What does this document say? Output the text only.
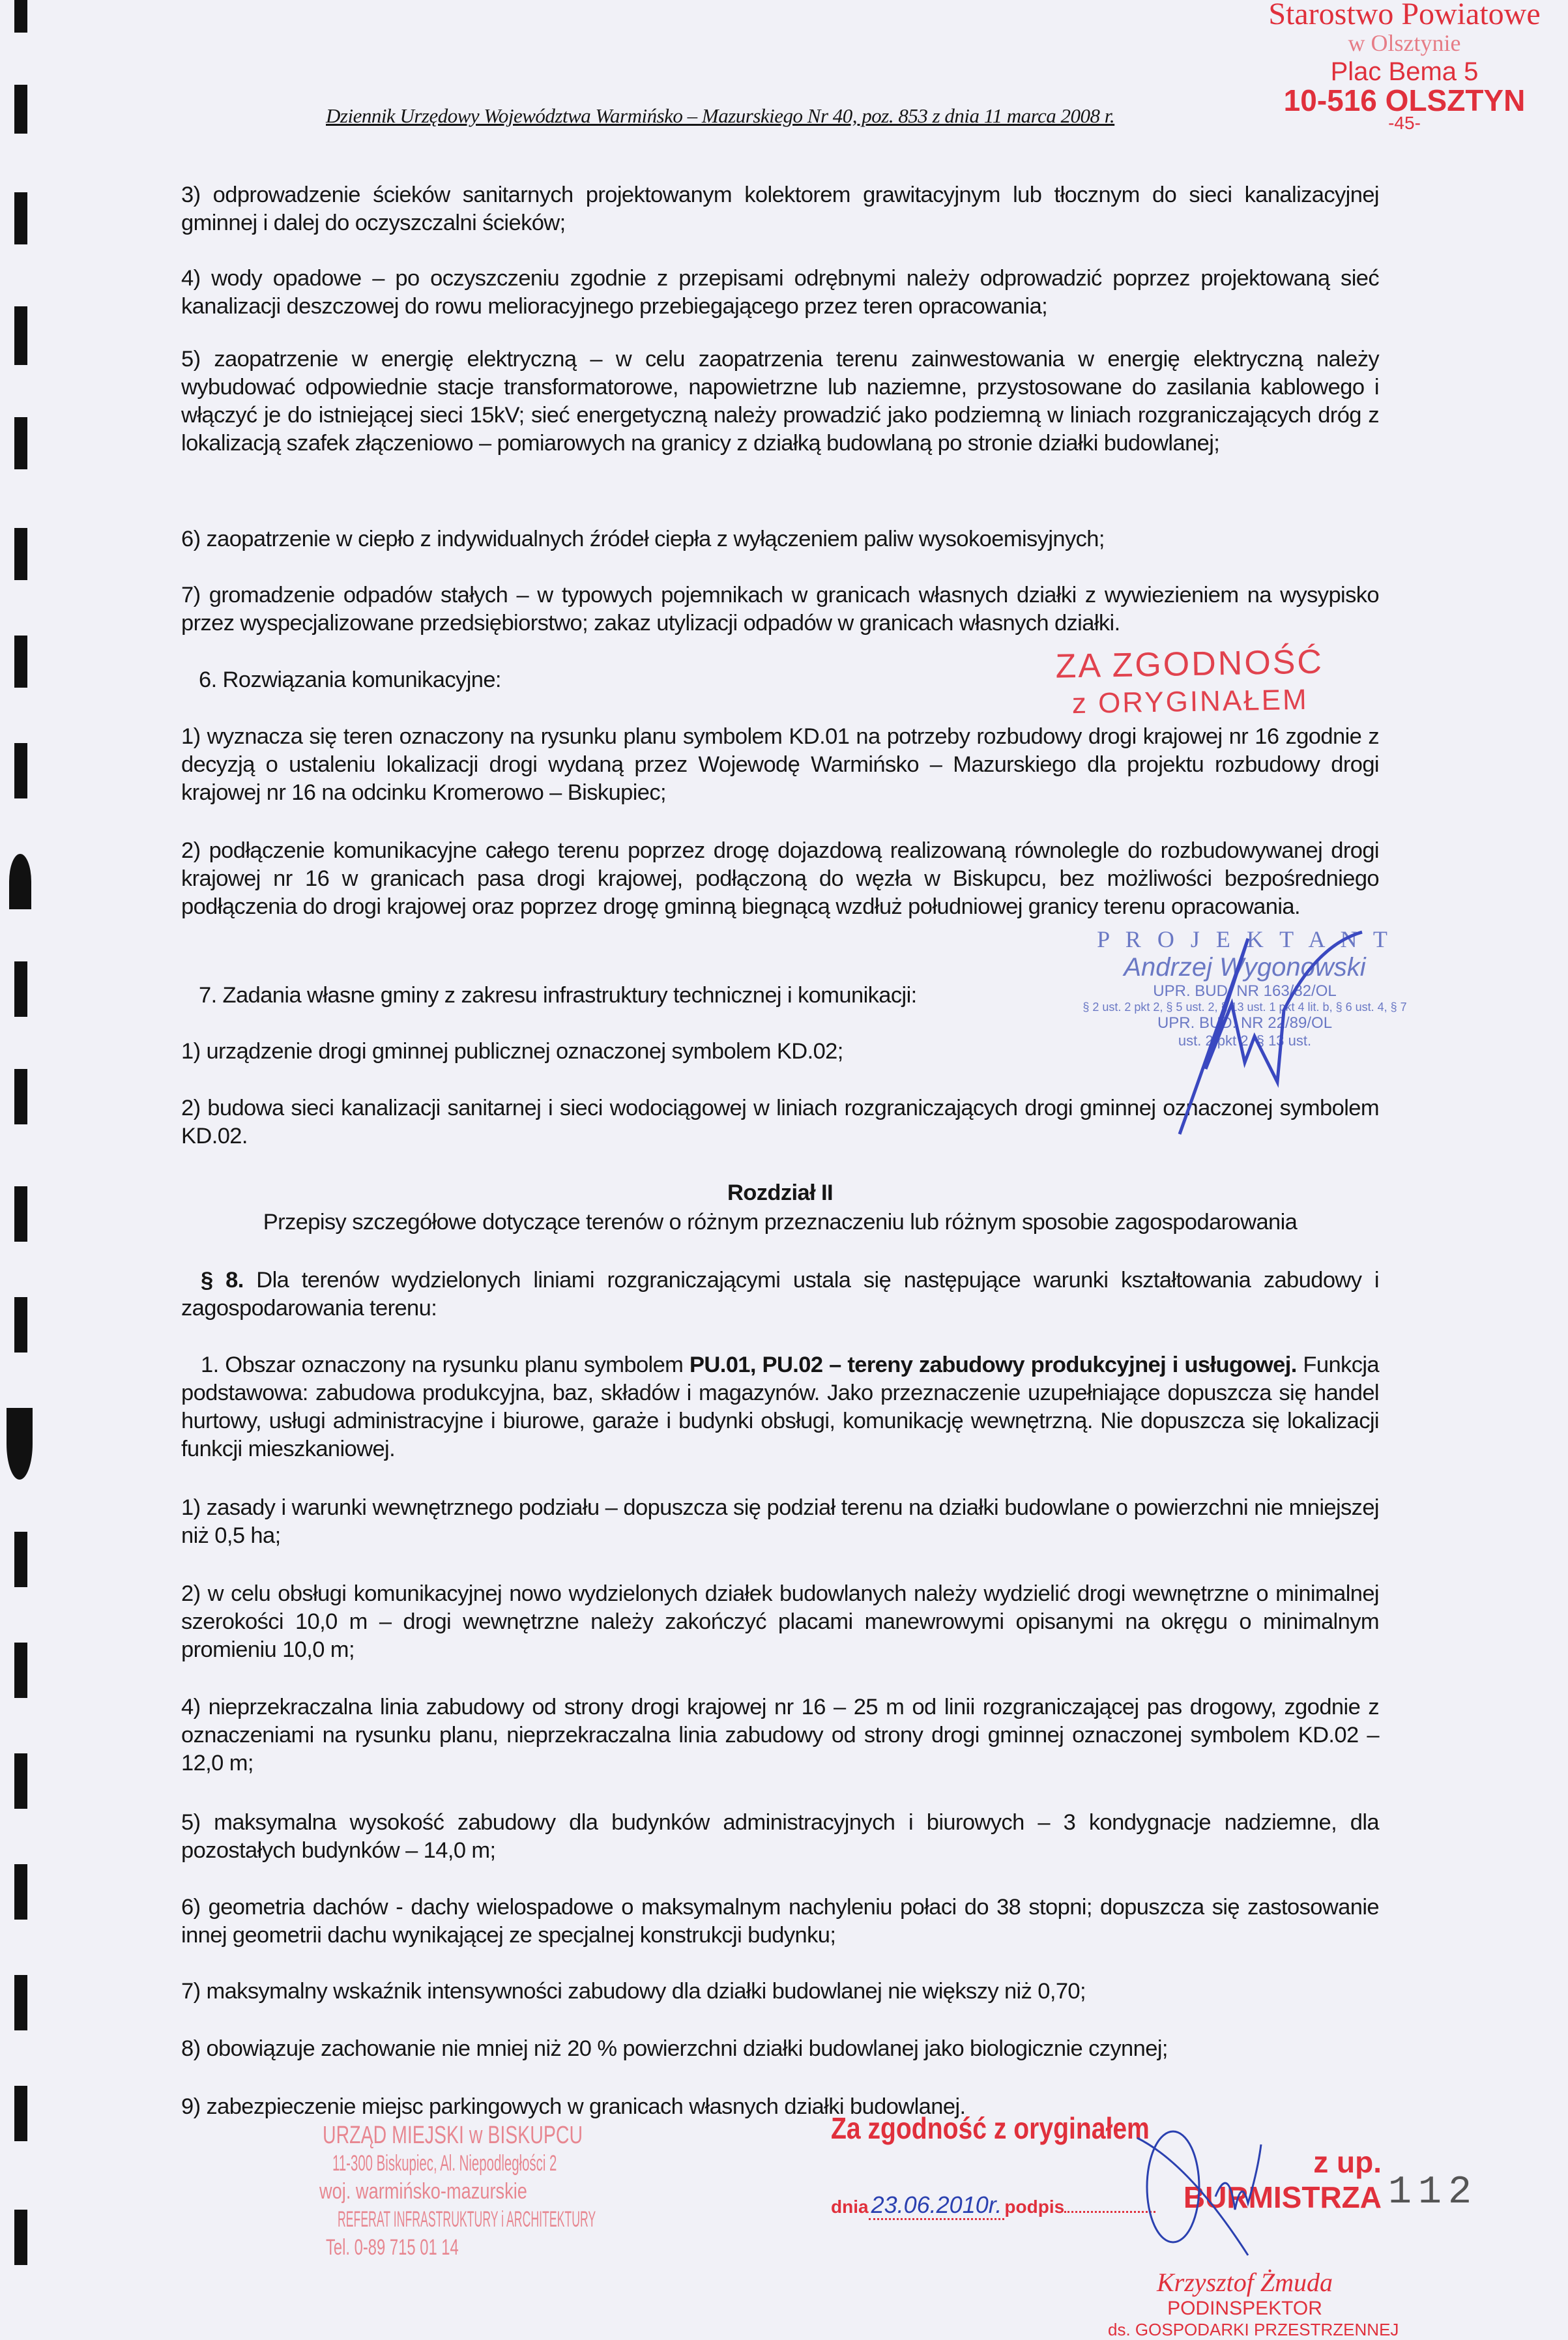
Dziennik Urzędowy Województwa Warmińsko – Mazurskiego Nr 40, poz. 853 z dnia 11 marca 2008 r.
Starostwo Powiatowe
w Olsztynie
Plac Bema 5
10-516 OLSZTYN
-45-
3) odprowadzenie ścieków sanitarnych projektowanym kolektorem grawitacyjnym lub tłocznym do sieci kanalizacyjnej gminnej i dalej do oczyszczalni ścieków;
4) wody opadowe – po oczyszczeniu zgodnie z przepisami odrębnymi należy odprowadzić poprzez projektowaną sieć kanalizacji deszczowej do rowu melioracyjnego przebiegającego przez teren opracowania;
5) zaopatrzenie w energię elektryczną – w celu zaopatrzenia terenu zainwestowania w energię elektryczną należy wybudować odpowiednie stacje transformatorowe, napowietrzne lub naziemne, przystosowane do zasilania kablowego i włączyć je do istniejącej sieci 15kV; sieć energetyczną należy prowadzić jako podziemną w liniach rozgraniczających dróg z lokalizacją szafek złączeniowo – pomiarowych na granicy z działką budowlaną po stronie działki budowlanej;
6) zaopatrzenie w ciepło z indywidualnych źródeł ciepła z wyłączeniem paliw wysokoemisyjnych;
7) gromadzenie odpadów stałych – w typowych pojemnikach w granicach własnych działki z wywiezieniem na wysypisko przez wyspecjalizowane przedsiębiorstwo; zakaz utylizacji odpadów w granicach własnych działki.
6. Rozwiązania komunikacyjne:	ZA ZGODNOŚĆ
z ORYGINAŁEM
1) wyznacza się teren oznaczony na rysunku planu symbolem KD.01 na potrzeby rozbudowy drogi krajowej nr 16 zgodnie z decyzją o ustaleniu lokalizacji drogi wydaną przez Wojewodę Warmińsko – Mazurskiego dla projektu rozbudowy drogi krajowej nr 16 na odcinku Kromerowo – Biskupiec;
2) podłączenie komunikacyjne całego terenu poprzez drogę dojazdową realizowaną równolegle do rozbudowywanej drogi krajowej nr 16 w granicach pasa drogi krajowej, podłączoną do węzła w Biskupcu, bez możliwości bezpośredniego podłączenia do drogi krajowej oraz poprzez drogę gminną biegnącą wzdłuż południowej granicy terenu opracowania.
7. Zadania własne gminy z zakresu infrastruktury technicznej i komunikacji:
1) urządzenie drogi gminnej publicznej oznaczonej symbolem KD.02;
2) budowa sieci kanalizacji sanitarnej i sieci wodociągowej w liniach rozgraniczających drogi gminnej oznaczonej symbolem KD.02.
P R O J E K T A N T
Andrzej Wygonowski
UPR. BUD. NR 163/82/OL
§ 2 ust. 2 pkt 2, § 5 ust. 2, § 13 ust. 1 pkt 4 lit. b, § 6 ust. 4, § 7
UPR. BUD. NR 22/89/OL
ust. 2 pkt 2, § 13 ust.
Rozdział II
Przepisy szczegółowe dotyczące terenów o różnym przeznaczeniu lub różnym sposobie zagospodarowania
§ 8. Dla terenów wydzielonych liniami rozgraniczającymi ustala się następujące warunki kształtowania zabudowy i zagospodarowania terenu:
1. Obszar oznaczony na rysunku planu symbolem PU.01, PU.02 – tereny zabudowy produkcyjnej i usługowej. Funkcja podstawowa: zabudowa produkcyjna, baz, składów i magazynów. Jako przeznaczenie uzupełniające dopuszcza się handel hurtowy, usługi administracyjne i biurowe, garaże i budynki obsługi, komunikację wewnętrzną. Nie dopuszcza się lokalizacji funkcji mieszkaniowej.
1) zasady i warunki wewnętrznego podziału – dopuszcza się podział terenu na działki budowlane o powierzchni nie mniejszej niż 0,5 ha;
2) w celu obsługi komunikacyjnej nowo wydzielonych działek budowlanych należy wydzielić drogi wewnętrzne o minimalnej szerokości 10,0 m – drogi wewnętrzne należy zakończyć placami manewrowymi opisanymi na okręgu o minimalnym promieniu 10,0 m;
4) nieprzekraczalna linia zabudowy od strony drogi krajowej nr 16 – 25 m od linii rozgraniczającej pas drogowy, zgodnie z oznaczeniami na rysunku planu, nieprzekraczalna linia zabudowy od strony drogi gminnej oznaczonej symbolem KD.02 – 12,0 m;
5) maksymalna wysokość zabudowy dla budynków administracyjnych i biurowych – 3 kondygnacje nadziemne, dla pozostałych budynków – 14,0 m;
6) geometria dachów - dachy wielospadowe o maksymalnym nachyleniu połaci do 38 stopni; dopuszcza się zastosowanie innej geometrii dachu wynikającej ze specjalnej konstrukcji budynku;
7) maksymalny wskaźnik intensywności zabudowy dla działki budowlanej nie większy niż 0,70;
8) obowiązuje zachowanie nie mniej niż 20 % powierzchni działki budowlanej jako biologicznie czynnej;
9) zabezpieczenie miejsc parkingowych w granicach własnych działki budowlanej.
URZĄD MIEJSKI w BISKUPCU
11-300 Biskupiec, Al. Niepodległości 2
woj. warmińsko-mazurskie
REFERAT INFRASTRUKTURY i ARCHITEKTURY
Tel. 0-89 715 01 14
Za zgodność z oryginałem
dnia 23.06.2010r. podpis
z up. BURMISTRZA
Krzysztof Żmuda
PODINSPEKTOR
ds. GOSPODARKI PRZESTRZENNEJ
112
